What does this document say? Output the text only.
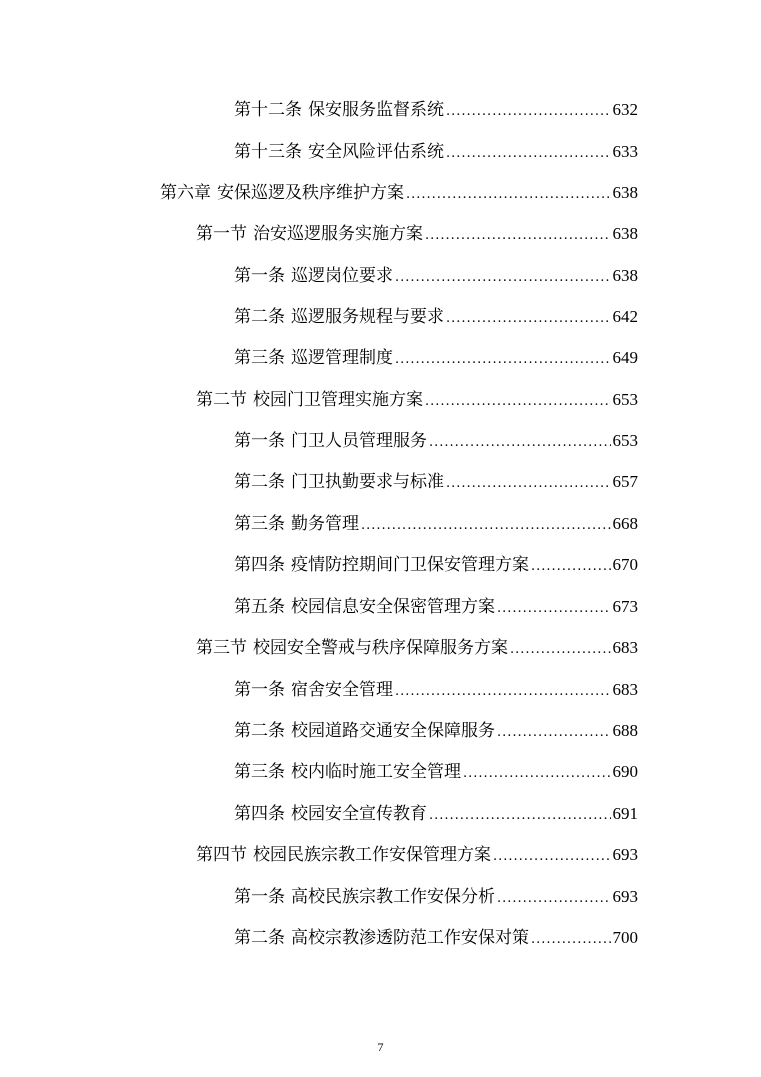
第十二条 保安服务监督系统 .....	632
第十三条 安全风险评估系统 .....	633
第六章 安保巡逻及秩序维护方案 .....	638
第一节 治安巡逻服务实施方案 .....	638
第一条 巡逻岗位要求 .....	638
第二条 巡逻服务规程与要求 .....	642
第三条 巡逻管理制度 .....	649
第二节 校园门卫管理实施方案 .....	653
第一条 门卫人员管理服务 .....	653
第二条 门卫执勤要求与标准 .....	657
第三条 勤务管理 .....	668
第四条 疫情防控期间门卫保安管理方案 .....	670
第五条 校园信息安全保密管理方案 .....	673
第三节 校园安全警戒与秩序保障服务方案 .....	683
第一条 宿舍安全管理 .....	683
第二条 校园道路交通安全保障服务 .....	688
第三条 校内临时施工安全管理 .....	690
第四条 校园安全宣传教育 .....	691
第四节 校园民族宗教工作安保管理方案 .....	693
第一条 高校民族宗教工作安保分析 .....	693
第二条 高校宗教渗透防范工作安保对策 .....	700
7
